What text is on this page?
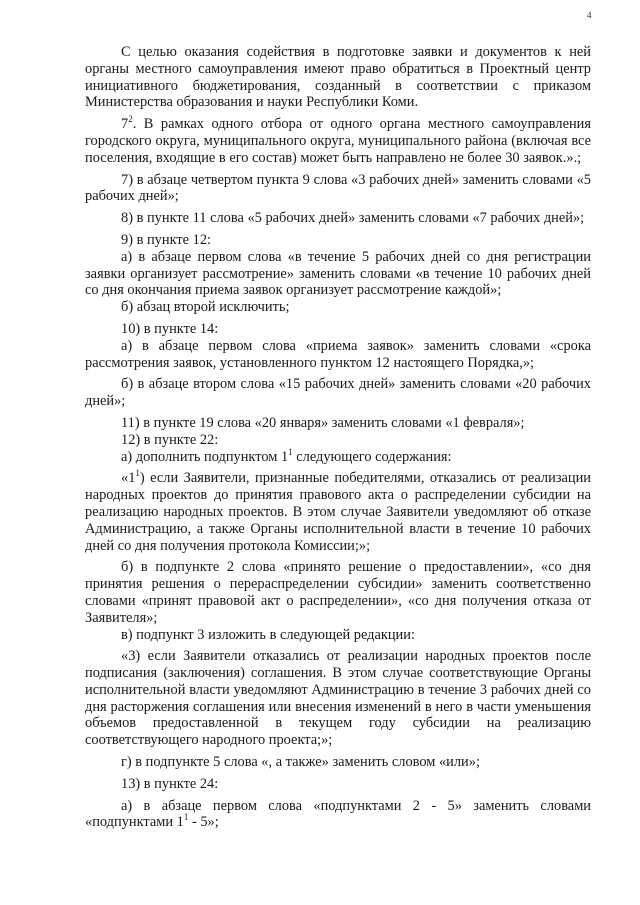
4

С целью оказания содействия в подготовке заявки и документов к ней органы местного самоуправления имеют право обратиться в Проектный центр инициативного бюджетирования, созданный в соответствии с приказом Министерства образования и науки Республики Коми.

$7^2$. В рамках одного отбора от одного органа местного самоуправления городского округа, муниципального округа, муниципального района (включая все поселения, входящие в его состав) может быть направлено не более 30 заявок.».;

7) в абзаце четвертом пункта 9 слова «3 рабочих дней» заменить словами «5 рабочих дней»;

8) в пункте 11 слова «5 рабочих дней» заменить словами «7 рабочих дней»;

9) в пункте 12:

а) в абзаце первом слова «в течение 5 рабочих дней со дня регистрации заявки организует рассмотрение» заменить словами «в течение 10 рабочих дней со дня окончания приема заявок организует рассмотрение каждой»;

б) абзац второй исключить;

10) в пункте 14:

а) в абзаце первом слова «приема заявок» заменить словами «срока рассмотрения заявок, установленного пунктом 12 настоящего Порядка,»;

б) в абзаце втором слова «15 рабочих дней» заменить словами «20 рабочих дней»;

11) в пункте 19 слова «20 января» заменить словами «1 февраля»;

12) в пункте 22:

а) дополнить подпунктом $1^1$ следующего содержания:

«$1^1$) если Заявители, признанные победителями, отказались от реализации народных проектов до принятия правового акта о распределении субсидии на реализацию народных проектов. В этом случае Заявители уведомляют об отказе Администрацию, а также Органы исполнительной власти в течение 10 рабочих дней со дня получения протокола Комиссии;»;

б) в подпункте 2 слова «принято решение о предоставлении», «со дня принятия решения о перераспределении субсидии» заменить соответственно словами «принят правовой акт о распределении», «со дня получения отказа от Заявителя»;

в) подпункт 3 изложить в следующей редакции:

«3) если Заявители отказались от реализации народных проектов после подписания (заключения) соглашения. В этом случае соответствующие Органы исполнительной власти уведомляют Администрацию в течение 3 рабочих дней со дня расторжения соглашения или внесения изменений в него в части уменьшения объемов предоставленной в текущем году субсидии на реализацию соответствующего народного проекта;»;

г) в подпункте 5 слова «, а также» заменить словом «или»;

13) в пункте 24:

а) в абзаце первом слова «подпунктами 2 - 5» заменить словами «подпунктами $1^1 - 5$»;
